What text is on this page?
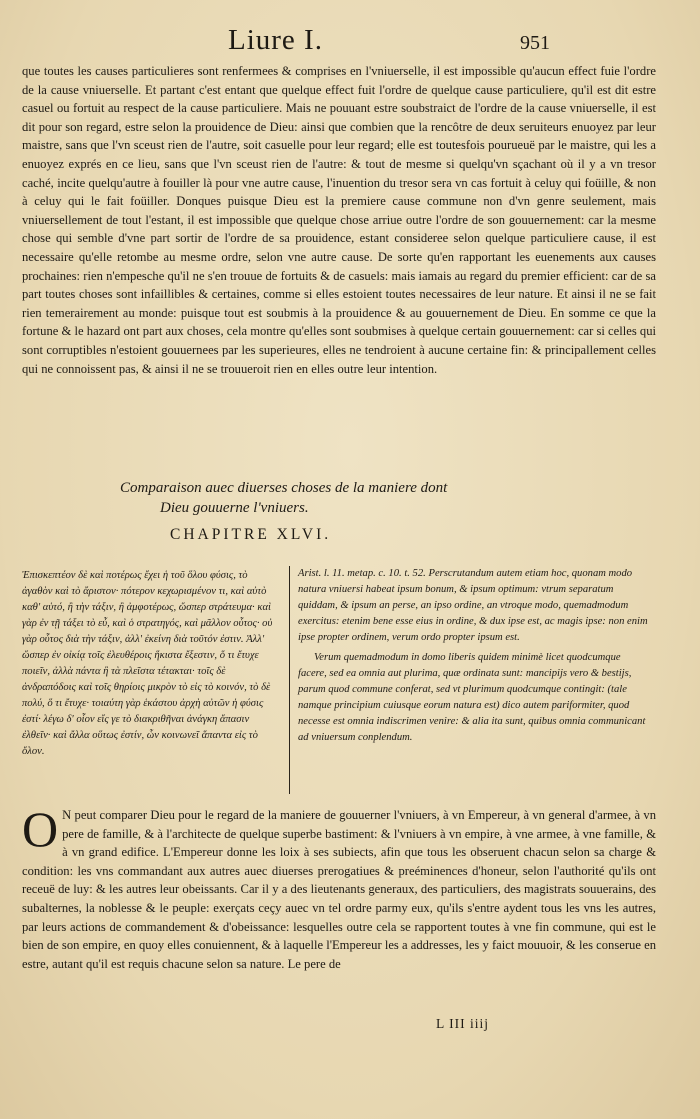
Liure I.	951

que toutes les causes particulieres sont renfermees & comprises en l'vniuerselle, il est impossible qu'aucun effect fuie l'ordre de la cause vniuerselle. Et partant c'est entant que quelque effect fuit l'ordre de quelque cause particuliere, qu'il est dit estre casuel ou fortuit au respect de la cause particuliere. Mais ne pouuant estre soubstraict de l'ordre de la cause vniuerselle, il est dit pour son regard, estre selon la prouidence de Dieu: ainsi que combien que la rencôtre de deux seruiteurs enuoyez par leur maistre, sans que l'vn sceust rien de l'autre, soit casuelle pour leur regard; elle est toutesfois pourueuë par le maistre, qui les a enuoyez exprés en ce lieu, sans que l'vn sceust rien de l'autre: & tout de mesme si quelqu'vn sçachant où il y a vn tresor caché, incite quelqu'autre à fouiller là pour vne autre cause, l'inuention du tresor sera vn cas fortuit à celuy qui foüille, & non à celuy qui le fait foüiller. Donques puisque Dieu est la premiere cause commune non d'vn genre seulement, mais vniuersellement de tout l'estant, il est impossible que quelque chose arriue outre l'ordre de son gouuernement: car la mesme chose qui semble d'vne part sortir de l'ordre de sa prouidence, estant consideree selon quelque particuliere cause, il est necessaire qu'elle retombe au mesme ordre, selon vne autre cause. De sorte qu'en rapportant les euenements aux causes prochaines: rien n'empesche qu'il ne s'en trouue de fortuits & de casuels: mais iamais au regard du premier efficient: car de sa part toutes choses sont infaillibles & certaines, comme si elles estoient toutes necessaires de leur nature. Et ainsi il ne se fait rien temerairement au monde: puisque tout est soubmis à la prouidence & au gouuernement de Dieu. En somme ce que la fortune & le hazard ont part aux choses, cela montre qu'elles sont soubmises à quelque certain gouuernement: car si celles qui sont corruptibles n'estoient gouuernees par les superieures, elles ne tendroient à aucune certaine fin: & principallement celles qui ne connoissent pas, & ainsi il ne se trouueroit rien en elles outre leur intention.

Comparaison auec diuerses choses de la maniere dont
Dieu gouuerne l'vniuers.
CHAPITRE XLVI.
Ἐπισκεπτέον δὲ καὶ ποτέρως ἔχει ἡ τοῦ ὅλου φύσις, τὸ ἀγαθὸν καὶ τὸ ἄριστον· πότερον κεχωρισμένον τι, καὶ αὐτὸ καθ' αὑτό, ἢ τὴν τάξιν, ἢ ἀμφοτέρως, ὥσπερ στράτευμα· καὶ γὰρ ἐν τῇ τάξει τὸ εὖ, καὶ ὁ στρατηγός, καὶ μᾶλλον οὗτος· οὐ γὰρ οὗτος διὰ τὴν τάξιν, ἀλλ' ἐκείνη διὰ τοῦτόν ἐστιν. Ἀλλ' ὥσπερ ἐν οἰκίᾳ τοῖς ἐλευθέροις ἥκιστα ἔξεστιν, ὅ τι ἔτυχε ποιεῖν, ἀλλὰ πάντα ἢ τὰ πλεῖστα τέτακται· τοῖς δὲ ἀνδραπόδοις καὶ τοῖς θηρίοις μικρὸν τὸ εἰς τὸ κοινόν, τὸ δὲ πολύ, ὅ τι ἔτυχε· τοιαύτη γὰρ ἑκάστου ἀρχὴ αὐτῶν ἡ φύσις ἐστί· λέγω δ' οἷον εἴς γε τὸ διακριθῆναι ἀνάγκη ἅπασιν ἐλθεῖν· καὶ ἄλλα οὕτως ἐστίν, ὧν κοινωνεῖ ἅπαντα εἰς τὸ ὅλον.

Arist. l. 11. metap. c. 10. t. 52. Perscrutandum autem etiam hoc, quonam modo natura vniuersi habeat ipsum bonum, & ipsum optimum: vtrum separatum quiddam, & ipsum an perse, an ipso ordine, an vtroque modo, quemadmodum exercitus: etenim bene esse eius in ordine, & dux ipse est, ac magis ipse: non enim ipse propter ordinem, verum ordo propter ipsum est.

Verum quemadmodum in domo liberis quidem minimè licet quodcumque facere, sed ea omnia aut plurima, quæ ordinata sunt: mancipijs vero & bestijs, parum quod commune conferat, sed vt plurimum quodcumque contingit: (tale namque principium cuiusque eorum natura est) dico autem pariformiter, quod necesse est omnia indiscrimen venire: & alia ita sunt, quibus omnia communicant ad vniuersum conplendum.

O N peut comparer Dieu pour le regard de la maniere de gouuerner l'vniuers, à vn Empereur, à vn general d'armee, à vn pere de famille, & à l'architecte de quelque superbe bastiment: & l'vniuers à vn empire, à vne armee, à vne famille, & à vn grand edifice. L'Empereur donne les loix à ses subiects, afin que tous les obseruent chacun selon sa charge & condition: les vns commandant aux autres auec diuerses prerogatiues & preéminences d'honeur, selon l'authorité qu'ils ont receuë de luy: & les autres leur obeissants. Car il y a des lieutenants generaux, des particuliers, des magistrats souuerains, des subalternes, la noblesse & le peuple: exerçats ceçy auec vn tel ordre parmy eux, qu'ils s'entre aydent tous les vns les autres, par leurs actions de commandement & d'obeissance: lesquelles outre cela se rapportent toutes à vne fin commune, qui est le bien de son empire, en quoy elles conuiennent, & à laquelle l'Empereur les a addresses, les y faict mouuoir, & les conserue en estre, autant qu'il est requis chacune selon sa nature. Le pere de
L III iiij
